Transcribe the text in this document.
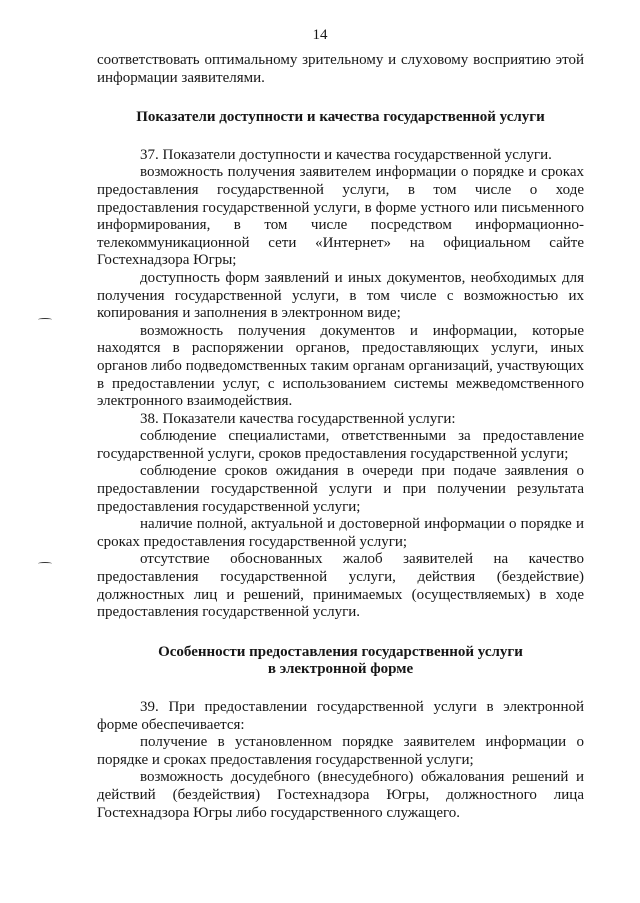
14

соответствовать оптимальному зрительному и слуховому восприятию этой информации заявителями.

Показатели доступности и качества государственной услуги

37. Показатели доступности и качества государственной услуги.

возможность получения заявителем информации о порядке и сроках предоставления государственной услуги, в том числе о ходе предоставления государственной услуги, в форме устного или письменного информирования, в том числе посредством информационно-телекоммуникационной сети «Интернет» на официальном сайте Гостехнадзора Югры;

доступность форм заявлений и иных документов, необходимых для получения государственной услуги, в том числе с возможностью их копирования и заполнения в электронном виде;

возможность получения документов и информации, которые находятся в распоряжении органов, предоставляющих услуги, иных органов либо подведомственных таким органам организаций, участвующих в предоставлении услуг, с использованием системы межведомственного электронного взаимодействия.

38. Показатели качества государственной услуги:

соблюдение специалистами, ответственными за предоставление государственной услуги, сроков предоставления государственной услуги;

соблюдение сроков ожидания в очереди при подаче заявления о предоставлении государственной услуги и при получении результата предоставления государственной услуги;

наличие полной, актуальной и достоверной информации о порядке и сроках предоставления государственной услуги;

отсутствие обоснованных жалоб заявителей на качество предоставления государственной услуги, действия (бездействие) должностных лиц и решений, принимаемых (осуществляемых) в ходе предоставления государственной услуги.

Особенности предоставления государственной услуги
в электронной форме

39. При предоставлении государственной услуги в электронной форме обеспечивается:

получение в установленном порядке заявителем информации о порядке и сроках предоставления государственной услуги;

возможность досудебного (внесудебного) обжалования решений и действий (бездействия) Гостехнадзора Югры, должностного лица Гостехнадзора Югры либо государственного служащего.
